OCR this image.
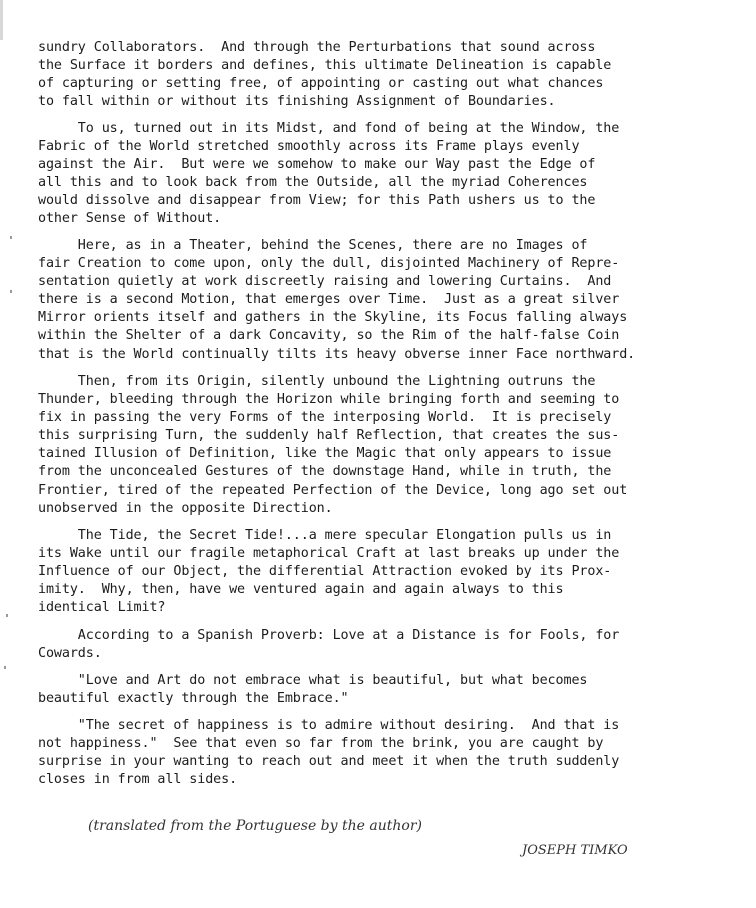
sundry Collaborators.  And through the Perturbations that sound across
the Surface it borders and defines, this ultimate Delineation is capable
of capturing or setting free, of appointing or casting out what chances
to fall within or without its finishing Assignment of Boundaries.

To us, turned out in its Midst, and fond of being at the Window, the
Fabric of the World stretched smoothly across its Frame plays evenly
against the Air.  But were we somehow to make our Way past the Edge of
all this and to look back from the Outside, all the myriad Coherences
would dissolve and disappear from View; for this Path ushers us to the
other Sense of Without.

Here, as in a Theater, behind the Scenes, there are no Images of
fair Creation to come upon, only the dull, disjointed Machinery of Repre-
sentation quietly at work discreetly raising and lowering Curtains.  And
there is a second Motion, that emerges over Time.  Just as a great silver
Mirror orients itself and gathers in the Skyline, its Focus falling always
within the Shelter of a dark Concavity, so the Rim of the half-false Coin
that is the World continually tilts its heavy obverse inner Face northward.

Then, from its Origin, silently unbound the Lightning outruns the
Thunder, bleeding through the Horizon while bringing forth and seeming to
fix in passing the very Forms of the interposing World.  It is precisely
this surprising Turn, the suddenly half Reflection, that creates the sus-
tained Illusion of Definition, like the Magic that only appears to issue
from the unconcealed Gestures of the downstage Hand, while in truth, the
Frontier, tired of the repeated Perfection of the Device, long ago set out
unobserved in the opposite Direction.

The Tide, the Secret Tide!...a mere specular Elongation pulls us in
its Wake until our fragile metaphorical Craft at last breaks up under the
Influence of our Object, the differential Attraction evoked by its Prox-
imity.  Why, then, have we ventured again and again always to this
identical Limit?

According to a Spanish Proverb: Love at a Distance is for Fools, for
Cowards.

"Love and Art do not embrace what is beautiful, but what becomes
beautiful exactly through the Embrace."

"The secret of happiness is to admire without desiring.  And that is
not happiness."  See that even so far from the brink, you are caught by
surprise in your wanting to reach out and meet it when the truth suddenly
closes in from all sides.

(translated from the Portuguese by the author)
JOSEPH TIMKO
